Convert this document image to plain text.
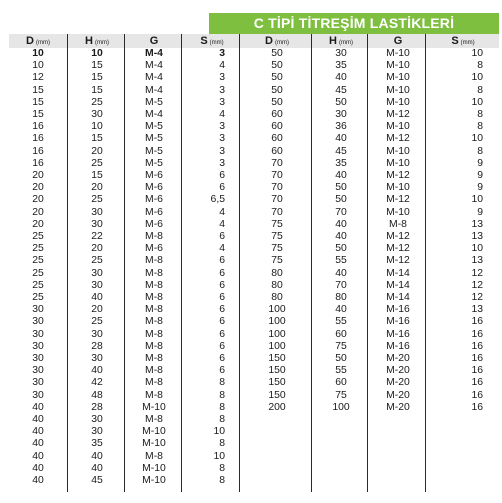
C TİPİ TİTREŞİM LASTİKLERİ
D (mm)	H (mm)	G	S (mm)	D (mm)	H (mm)	G	S (mm)
10	10	M-4	3
10	15	M-4	4
12	15	M-4	3
15	15	M-4	3
15	25	M-5	3
15	30	M-4	4
16	10	M-5	3
16	15	M-5	3
16	20	M-5	3
16	25	M-5	3
20	15	M-6	6
20	20	M-6	6
20	25	M-6	6,5
20	30	M-6	4
20	30	M-6	4
25	22	M-8	6
25	20	M-6	4
25	25	M-8	6
25	30	M-8	6
25	30	M-8	6
25	40	M-8	6
30	20	M-8	6
30	25	M-8	6
30	30	M-8	6
30	28	M-8	6
30	30	M-8	6
30	40	M-8	6
30	42	M-8	8
30	48	M-8	8
40	28	M-10	8
40	30	M-8	8
40	30	M-10	10
40	35	M-10	8
40	40	M-8	10
40	40	M-10	8
40	45	M-10	8
50	30	M-10	10
50	35	M-10	8
50	40	M-10	10
50	45	M-10	8
50	50	M-10	10
60	30	M-12	8
60	36	M-10	8
60	40	M-12	10
60	45	M-10	8
70	35	M-10	9
70	40	M-12	9
70	50	M-10	9
70	50	M-12	10
70	70	M-10	9
75	40	M-8	13
75	40	M-12	13
75	50	M-12	10
75	55	M-12	13
80	40	M-14	12
80	70	M-14	12
80	80	M-14	12
100	40	M-16	13
100	55	M-16	16
100	60	M-16	16
100	75	M-16	16
150	50	M-20	16
150	55	M-20	16
150	60	M-20	16
150	75	M-20	16
200	100	M-20	16
